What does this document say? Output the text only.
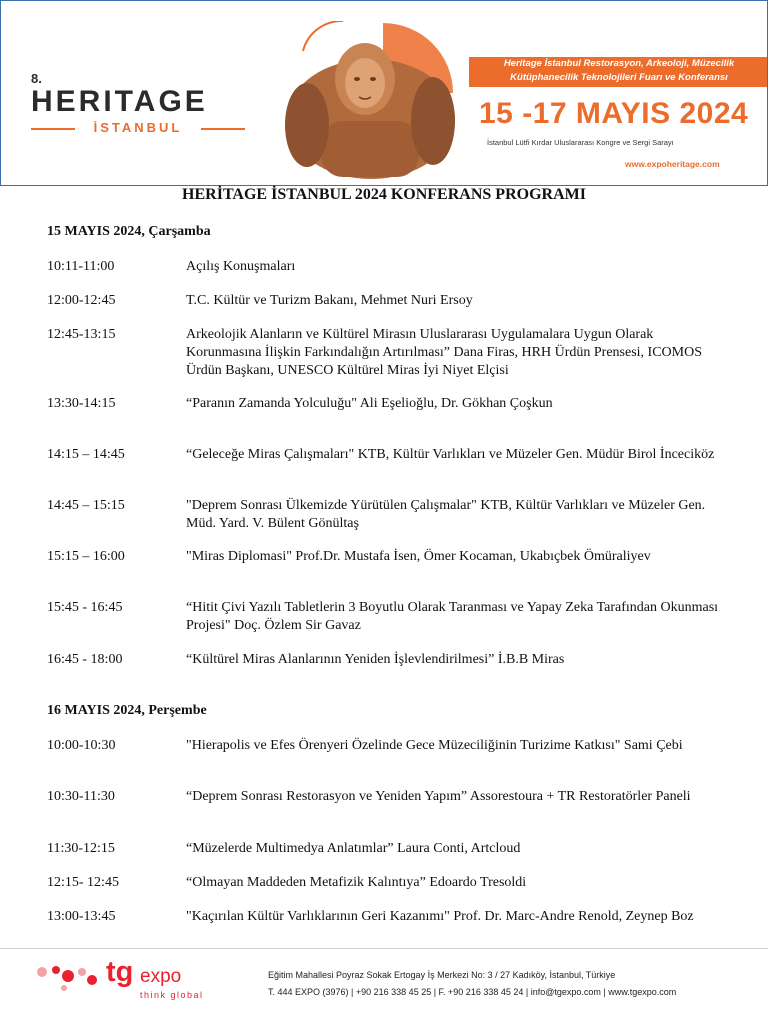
8.
HERITAGE
İSTANBUL
Heritage İstanbul Restorasyon, Arkeoloji, Müzecilik
Kütüphanecilik Teknolojileri Fuarı ve Konferansı
15 -17 MAYIS 2024
İstanbul Lütfi Kırdar Uluslararası Kongre ve Sergi Sarayı
www.expoheritage.com
HERİTAGE İSTANBUL 2024 KONFERANS PROGRAMI
15 MAYIS 2024, Çarşamba
10:11-11:00	Açılış Konuşmaları
12:00-12:45	T.C. Kültür ve Turizm Bakanı, Mehmet Nuri Ersoy
12:45-13:15	Arkeolojik Alanların ve Kültürel Mirasın Uluslararası Uygulamalara Uygun Olarak Korunmasına İlişkin Farkındalığın Artırılması” Dana Firas, HRH Ürdün Prensesi, ICOMOS Ürdün Başkanı, UNESCO Kültürel Miras İyi Niyet Elçisi
13:30-14:15	“Paranın Zamanda Yolculuğu" Ali Eşelioğlu, Dr. Gökhan Çoşkun
14:15 – 14:45	“Geleceğe Miras Çalışmaları" KTB, Kültür Varlıkları ve Müzeler Gen. Müdür Birol İnceciköz
14:45 – 15:15	"Deprem Sonrası Ülkemizde Yürütülen Çalışmalar" KTB, Kültür Varlıkları ve Müzeler Gen. Müd. Yard. V. Bülent Gönültaş
15:15 – 16:00	"Miras Diplomasi" Prof.Dr. Mustafa İsen, Ömer Kocaman, Ukabıçbek Ömüraliyev
15:45 - 16:45	“Hitit Çivi Yazılı Tabletlerin 3 Boyutlu Olarak Taranması ve Yapay Zeka Tarafından Okunması Projesi" Doç. Özlem Sir Gavaz
16:45 - 18:00	“Kültürel Miras Alanlarının Yeniden İşlevlendirilmesi” İ.B.B Miras
16 MAYIS 2024, Perşembe
10:00-10:30	"Hierapolis ve Efes Örenyeri Özelinde Gece Müzeciliğinin Turizime Katkısı" Sami Çebi
10:30-11:30	“Deprem Sonrası Restorasyon ve Yeniden Yapım” Assorestoura + TR Restoratörler Paneli
11:30-12:15	“Müzelerde Multimedya Anlatımlar” Laura Conti, Artcloud
12:15- 12:45	“Olmayan Maddeden Metafizik Kalıntıya” Edoardo Tresoldi
13:00-13:45	"Kaçırılan Kültür Varlıklarının Geri Kazanımı" Prof. Dr. Marc-Andre Renold, Zeynep Boz
tg expo
think global
Eğitim Mahallesi Poyraz Sokak Ertogay İş Merkezi No: 3 / 27 Kadıköy, İstanbul, Türkiye
T. 444 EXPO (3976) | +90 216 338 45 25 | F. +90 216 338 45 24 | info@tgexpo.com | www.tgexpo.com
